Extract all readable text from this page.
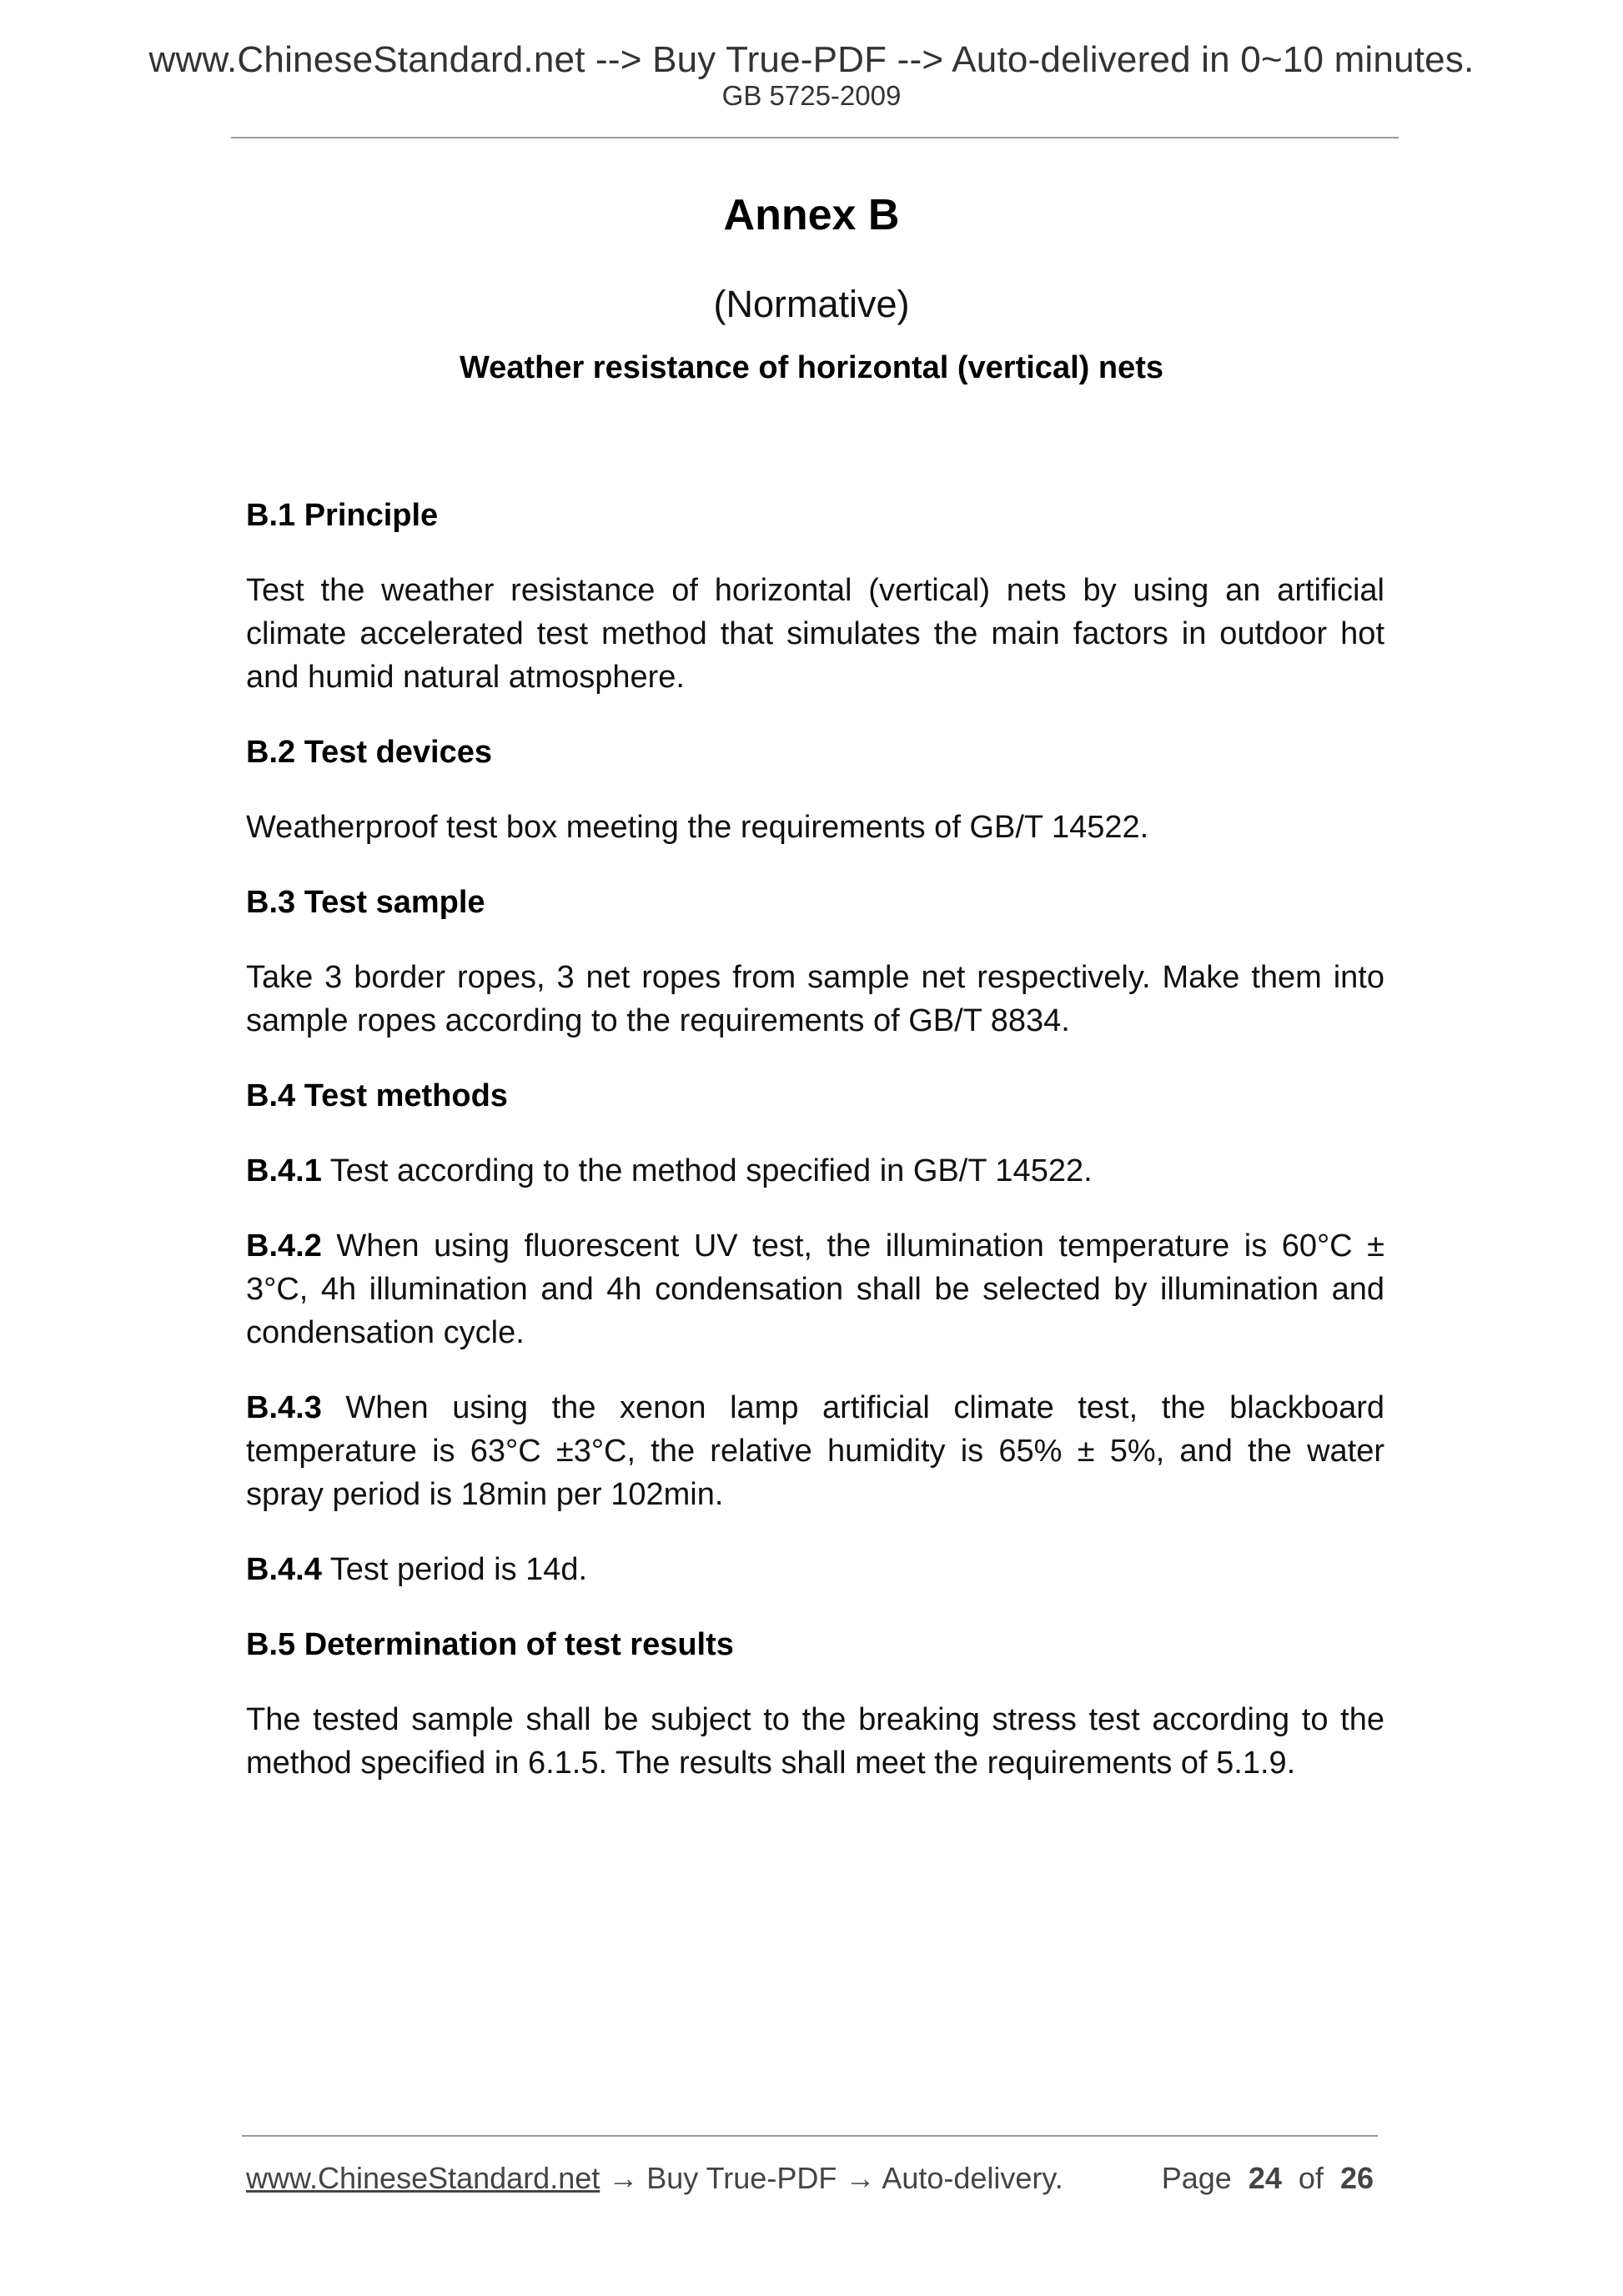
www.ChineseStandard.net --> Buy True-PDF --> Auto-delivered in 0~10 minutes.
GB 5725-2009
Annex B
(Normative)
Weather resistance of horizontal (vertical) nets
B.1 Principle
Test the weather resistance of horizontal (vertical) nets by using an artificial climate accelerated test method that simulates the main factors in outdoor hot and humid natural atmosphere.
B.2 Test devices
Weatherproof test box meeting the requirements of GB/T 14522.
B.3 Test sample
Take 3 border ropes, 3 net ropes from sample net respectively. Make them into sample ropes according to the requirements of GB/T 8834.
B.4 Test methods
B.4.1 Test according to the method specified in GB/T 14522.
B.4.2 When using fluorescent UV test, the illumination temperature is 60°C ± 3°C, 4h illumination and 4h condensation shall be selected by illumination and condensation cycle.
B.4.3 When using the xenon lamp artificial climate test, the blackboard temperature is 63°C ±3°C, the relative humidity is 65% ± 5%, and the water spray period is 18min per 102min.
B.4.4 Test period is 14d.
B.5 Determination of test results
The tested sample shall be subject to the breaking stress test according to the method specified in 6.1.5. The results shall meet the requirements of 5.1.9.
www.ChineseStandard.net → Buy True-PDF → Auto-delivery.	Page 24 of 26
